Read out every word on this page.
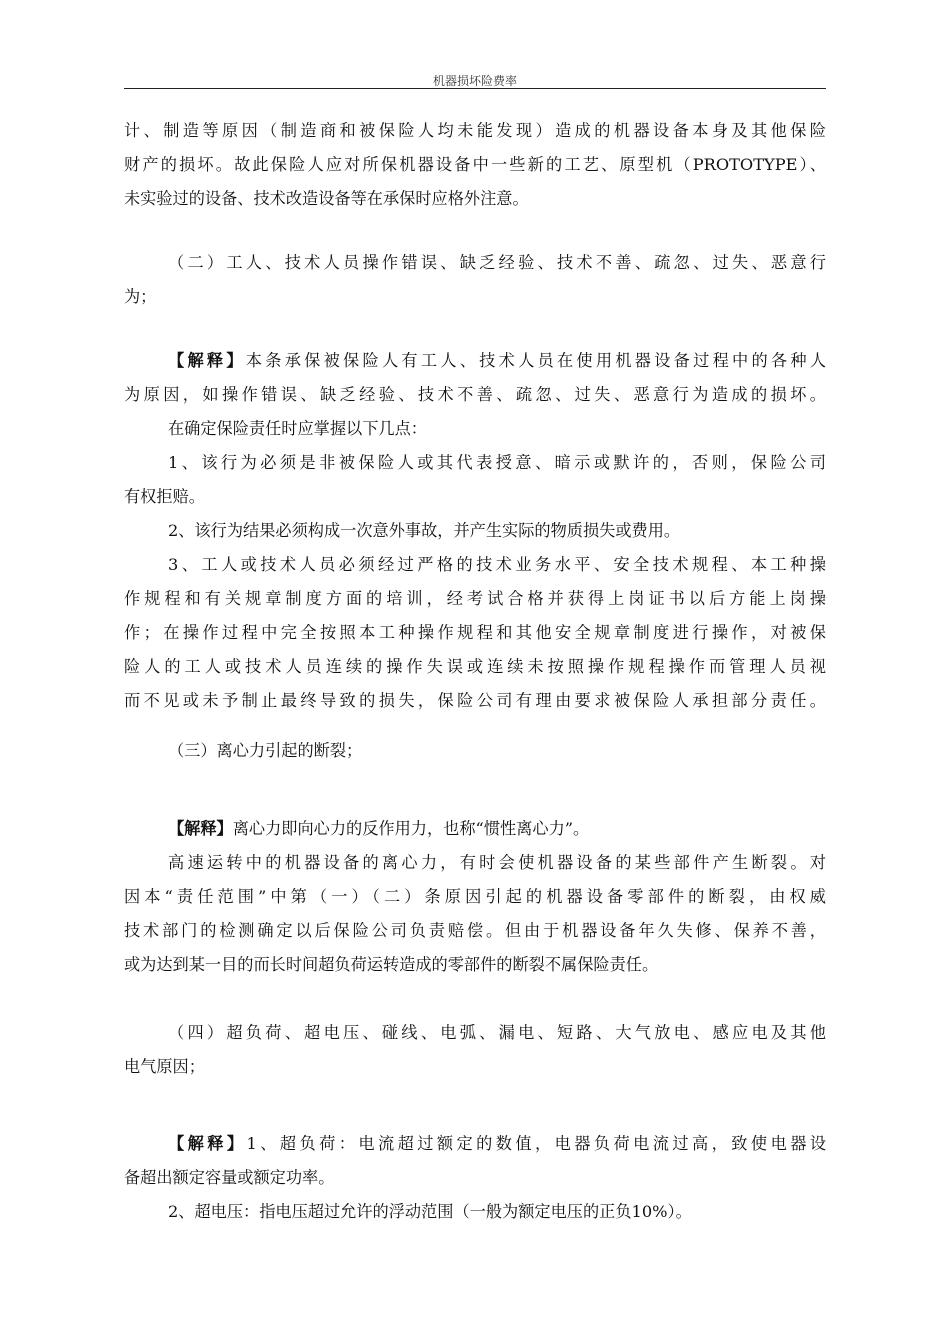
机器损坏险费率
计、制造等原因（制造商和被保险人均未能发现）造成的机器设备本身及其他保险
财产的损坏。故此保险人应对所保机器设备中一些新的工艺、原型机（PROTOTYPE）、
未实验过的设备、技术改造设备等在承保时应格外注意。
（二）工人、技术人员操作错误、缺乏经验、技术不善、疏忽、过失、恶意行
为；
【解释】本条承保被保险人有工人、技术人员在使用机器设备过程中的各种人
为原因，如操作错误、缺乏经验、技术不善、疏忽、过失、恶意行为造成的损坏。
在确定保险责任时应掌握以下几点：
1、该行为必须是非被保险人或其代表授意、暗示或默许的，否则，保险公司
有权拒赔。
2、该行为结果必须构成一次意外事故，并产生实际的物质损失或费用。
3、工人或技术人员必须经过严格的技术业务水平、安全技术规程、本工种操
作规程和有关规章制度方面的培训，经考试合格并获得上岗证书以后方能上岗操
作；在操作过程中完全按照本工种操作规程和其他安全规章制度进行操作，对被保
险人的工人或技术人员连续的操作失误或连续未按照操作规程操作而管理人员视
而不见或未予制止最终导致的损失，保险公司有理由要求被保险人承担部分责任。
（三）离心力引起的断裂；
【解释】离心力即向心力的反作用力，也称“惯性离心力”。
高速运转中的机器设备的离心力，有时会使机器设备的某些部件产生断裂。对
因本“责任范围”中第（一）（二）条原因引起的机器设备零部件的断裂，由权威
技术部门的检测确定以后保险公司负责赔偿。但由于机器设备年久失修、保养不善，
或为达到某一目的而长时间超负荷运转造成的零部件的断裂不属保险责任。
（四）超负荷、超电压、碰线、电弧、漏电、短路、大气放电、感应电及其他
电气原因；
【解释】1、超负荷：电流超过额定的数值，电器负荷电流过高，致使电器设
备超出额定容量或额定功率。
2、超电压：指电压超过允许的浮动范围（一般为额定电压的正负10%）。
